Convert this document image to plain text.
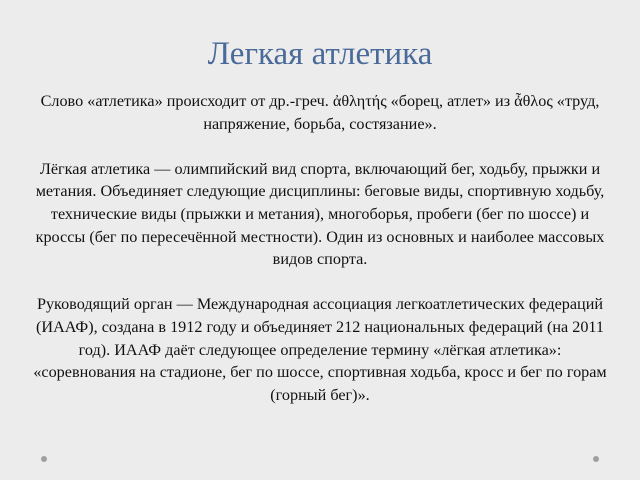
Легкая атлетика

Слово «атлетика» происходит от др.-греч. ἀθλητής «борец, атлет» из ἆθλος «труд, напряжение, борьба, состязание».

Лёгкая атлетика — олимпийский вид спорта, включающий бег, ходьбу, прыжки и метания. Объединяет следующие дисциплины: беговые виды, спортивную ходьбу, технические виды (прыжки и метания), многоборья, пробеги (бег по шоссе) и кроссы (бег по пересечённой местности). Один из основных и наиболее массовых видов спорта.

Руководящий орган — Международная ассоциация легкоатлетических федераций (ИААФ), создана в 1912 году и объединяет 212 национальных федераций (на 2011 год). ИААФ даёт следующее определение термину «лёгкая атлетика»: «соревнования на стадионе, бег по шоссе, спортивная ходьба, кросс и бег по горам (горный бег)».
